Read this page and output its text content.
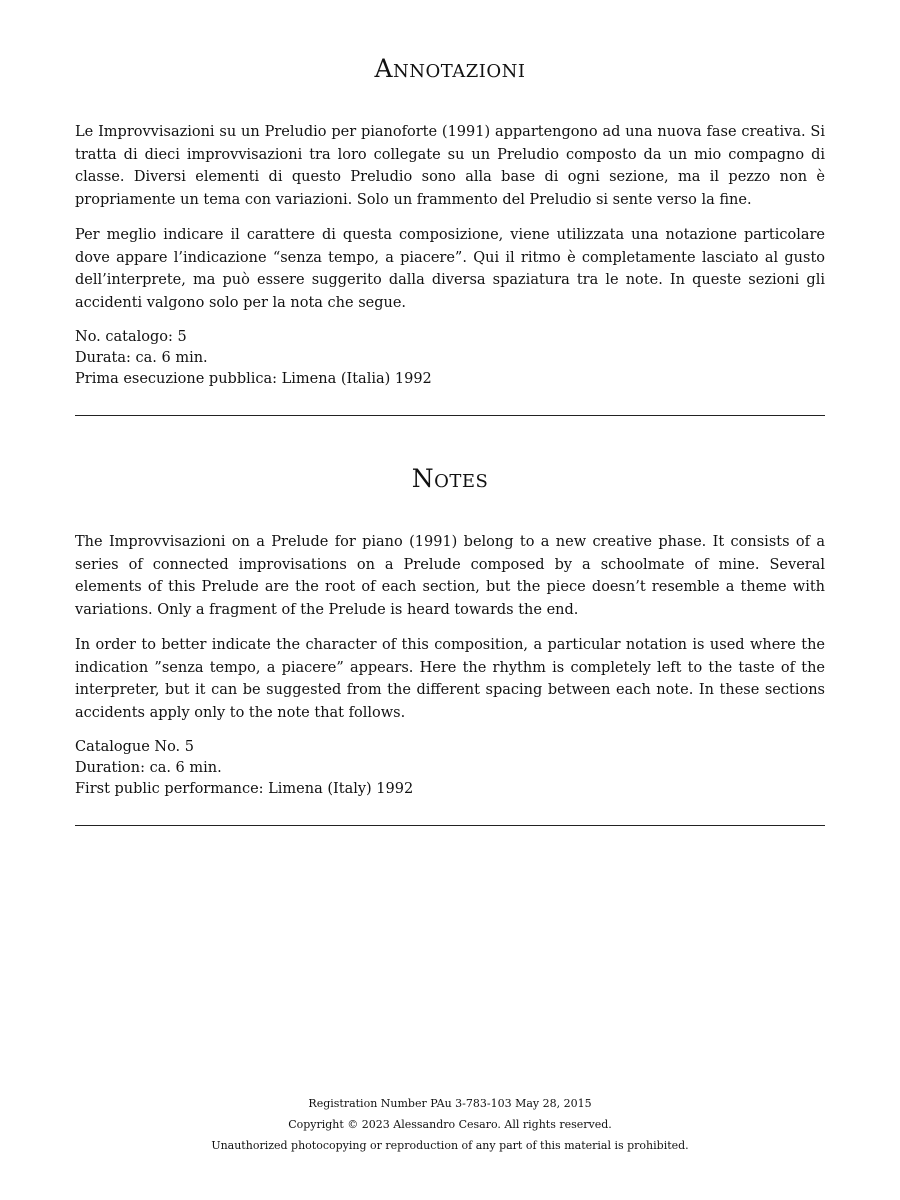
Annotazioni

Le Improvvisazioni su un Preludio per pianoforte (1991) appartengono ad una nuova fase creativa. Si tratta di dieci improvvisazioni tra loro collegate su un Preludio composto da un mio compagno di classe. Diversi elementi di questo Preludio sono alla base di ogni sezione, ma il pezzo non è propriamente un tema con variazioni. Solo un frammento del Preludio si sente verso la fine.

Per meglio indicare il carattere di questa composizione, viene utilizzata una notazione particolare dove appare l’indicazione “senza tempo, a piacere”. Qui il ritmo è completamente lasciato al gusto dell’interprete, ma può essere suggerito dalla diversa spaziatura tra le note. In queste sezioni gli accidenti valgono solo per la nota che segue.

No. catalogo: 5
Durata: ca. 6 min.
Prima esecuzione pubblica: Limena (Italia) 1992
Notes

The Improvvisazioni on a Prelude for piano (1991) belong to a new creative phase. It consists of a series of connected improvisations on a Prelude composed by a schoolmate of mine. Several elements of this Prelude are the root of each section, but the piece doesn’t resemble a theme with variations. Only a fragment of the Prelude is heard towards the end.

In order to better indicate the character of this composition, a particular notation is used where the indication ”senza tempo, a piacere” appears. Here the rhythm is completely left to the taste of the interpreter, but it can be suggested from the different spacing between each note. In these sections accidents apply only to the note that follows.

Catalogue No. 5
Duration: ca. 6 min.
First public performance: Limena (Italy) 1992
Registration Number PAu 3-783-103 May 28, 2015
Copyright © 2023 Alessandro Cesaro. All rights reserved.
Unauthorized photocopying or reproduction of any part of this material is prohibited.
